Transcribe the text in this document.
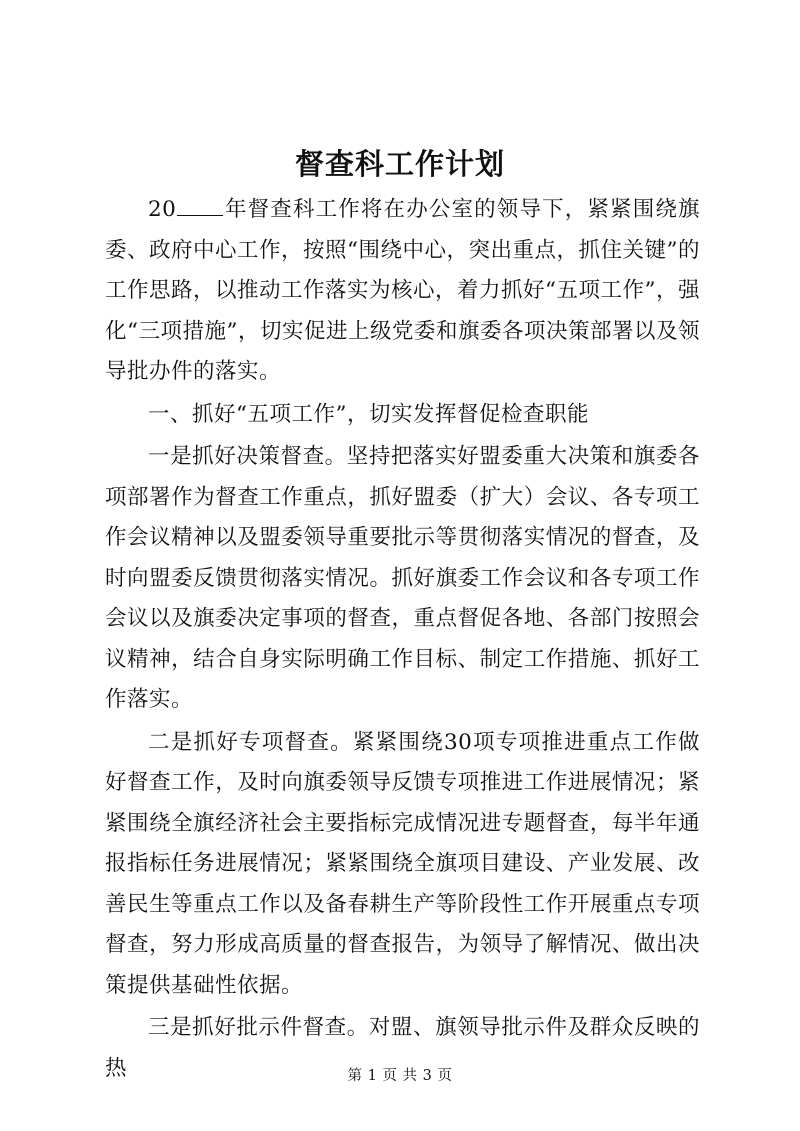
督查科工作计划

20 年督查科工作将在办公室的领导下，紧紧围绕旗委、政府中心工作，按照“围绕中心，突出重点，抓住关键”的工作思路，以推动工作落实为核心，着力抓好“五项工作”，强化“三项措施”，切实促进上级党委和旗委各项决策部署以及领导批办件的落实。

一、抓好“五项工作”，切实发挥督促检查职能

一是抓好决策督查。坚持把落实好盟委重大决策和旗委各项部署作为督查工作重点，抓好盟委（扩大）会议、各专项工作会议精神以及盟委领导重要批示等贯彻落实情况的督查，及时向盟委反馈贯彻落实情况。抓好旗委工作会议和各专项工作会议以及旗委决定事项的督查，重点督促各地、各部门按照会议精神，结合自身实际明确工作目标、制定工作措施、抓好工作落实。

二是抓好专项督查。紧紧围绕30项专项推进重点工作做好督查工作，及时向旗委领导反馈专项推进工作进展情况；紧紧围绕全旗经济社会主要指标完成情况进专题督查，每半年通报指标任务进展情况；紧紧围绕全旗项目建设、产业发展、改善民生等重点工作以及备春耕生产等阶段性工作开展重点专项督查，努力形成高质量的督查报告，为领导了解情况、做出决策提供基础性依据。

三是抓好批示件督查。对盟、旗领导批示件及群众反映的热	第 1 页 共 3 页
